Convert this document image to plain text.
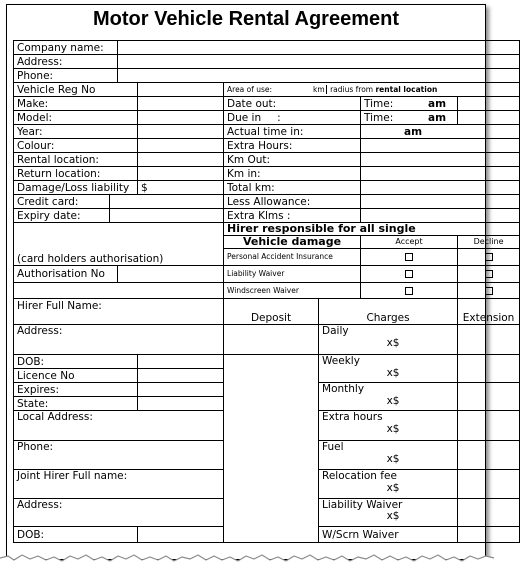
Motor Vehicle Rental Agreement
Company name:							
Address:							
Phone:							
Vehicle Reg No				Area of use: km radius from rental location			
Make:				Date out:		Time: am	

Model:				Due in :		Time: am	

Year:				Actual time in:		am	
Colour:				Extra Hours:			
Rental location:				Km Out:			
Return location:				Km in:			
Damage/Loss liability			$	Total km:			
Credit card:				Less Allowance:			
Expiry date:				Extra Klms :			
(card holders authorisation)				Hirer responsible for all single			
				Vehicle damage		Accept	Decline
				Personal Accident Insurance			
Authorisation No				Liability Waiver			
				Windscreen Waiver			
Hirer Full Name:				Deposit	Charges		Extension
Address:					Daily
x$		

DOB:					Weekly
x$		

Licence No							
Expires:					Monthly
x$		

State:							
Local Address:					Extra hours
x$		

Phone:					Fuel
x$		

Joint Hirer Full name:					Relocation fee
x$		

Address:					Liability Waiver
x$		

DOB:					W/Scrn Waiver		
